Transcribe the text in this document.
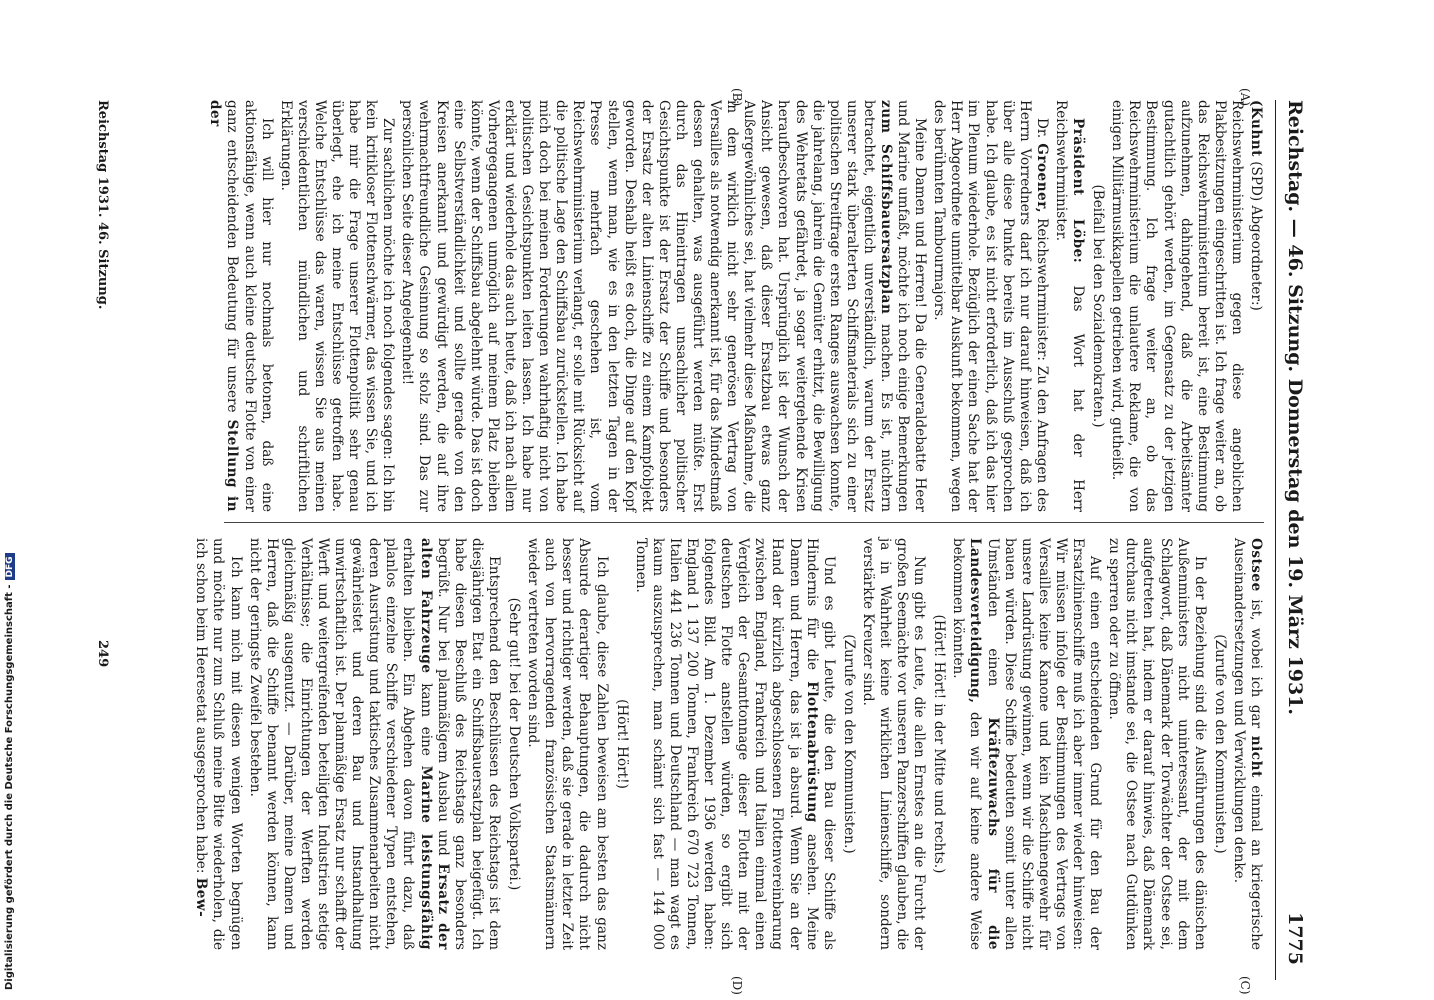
Reichstag. — 46. Sitzung. Donnerstag den 19. März 1931.
1775
(A)
(B)
(C)
(D)

(Kuhnt (SPD) Abgeordneter:)

Reichswehrministerium gegen diese angeblichen Plakbesitzungen eingeschritten ist. Ich frage weiter an, ob das Reichswehrministerium bereit ist, eine Bestimmung aufzunehmen, dahingehend, daß die Arbeitsämter gutachtlich gehört werden, im Gegensatz zu der jetzigen Bestimmung. Ich frage weiter an, ob das Reichswehrministerium die unlautere Reklame, die von einigen Militärmusikkapellen getrieben wird, gutheißt.

(Beifall bei den Sozialdemokraten.)

Präsident Löbe: Das Wort hat der Herr Reichswehrminister.

Dr. Groener, Reichswehrminister: Zu den Anfragen des Herrn Vorredners darf ich nur darauf hinweisen, daß ich über alle diese Punkte bereits im Ausschuß gesprochen habe. Ich glaube, es ist nicht erforderlich, daß ich das hier im Plenum wiederhole. Bezüglich der einen Sache hat der Herr Abgeordnete unmittelbar Auskunft bekommen, wegen des berühmten Tambourmajors.

Meine Damen und Herren! Da die Generaldebatte Heer und Marine umfaßt, möchte ich noch einige Bemerkungen zum Schiffsbauersatzplan machen. Es ist, nüchtern betrachtet, eigentlich unverständlich, warum der Ersatz unserer stark überalterten Schiffsmaterials sich zu einer politischen Streitfrage ersten Ranges auswachsen konnte, die jahrelang, jahrein die Gemüter erhitzt, die Bewilligung des Wehretats gefährdet, ja sogar weitergehende Krisen heraufbeschworen hat. Ursprünglich ist der Wunsch der Ansicht gewesen, daß dieser Ersatzbau etwas ganz Außergewöhnliches sei, hat vielmehr diese Maßnahme, die in dem wirklich nicht sehr generösen Vertrag von Versailles als notwendig anerkannt ist, für das Mindestmaß dessen gehalten, was ausgeführt werden müßte. Erst durch das Hineintragen unsachlicher politischer Gesichtspunkte ist der Ersatz der Schiffe und besonders der Ersatz der alten Linienschiffe zu einem Kampfobjekt geworden. Deshalb heißt es doch, die Dinge auf den Kopf stellen, wenn man, wie es in den letzten Tagen in der Presse mehrfach geschehen ist, vom Reichswehrministerium verlangt, er solle mit Rücksicht auf die politische Lage den Schiffsbau zurückstellen. Ich habe mich doch bei meinen Forderungen wahrhaftig nicht von politischen Gesichtspunkten leiten lassen. Ich habe nur erklärt und wiederhole das auch heute, daß ich nach allem Vorhergegangenen unmöglich auf meinem Platz bleiben könnte, wenn der Schiffsbau abgelehnt würde. Das ist doch eine Selbstverständlichkeit und sollte gerade von den Kreisen anerkannt und gewürdigt werden, die auf ihre wehrmachtfreundliche Gesinnung so stolz sind. Das zur persönlichen Seite dieser Angelegenheit!

Zur sachlichen möchte ich noch folgendes sagen: Ich bin kein kritikloser Flottenschwärmer, das wissen Sie, und ich habe mir die Frage unserer Flottenpolitik sehr genau überlegt, ehe ich meine Entschlüsse getroffen habe. Welche Entschlüsse das waren, wissen Sie aus meinen verschiedentlichen mündlichen und schriftlichen Erklärungen.

Ich will hier nur nochmals betonen, daß eine aktionsfähige, wenn auch kleine deutsche Flotte von einer ganz entscheidenden Bedeutung für unsere Stellung in der

Ostsee ist, wobei ich gar nicht einmal an kriegerische Auseinandersetzungen und Verwicklungen denke.

(Zurufe von den Kommunisten.)

In der Beziehung sind die Ausführungen des dänischen Außenministers nicht uninteressant, der mit dem Schlagwort, daß Dänemark der Torwächter der Ostsee sei, aufgetreten hat, indem er darauf hinwies, daß Dänemark durchaus nicht imstande sei, die Ostsee nach Gutdünken zu sperren oder zu öffnen.

Auf einen entscheidenden Grund für den Bau der Ersatzlinienschiffe muß ich aber immer wieder hinweisen: Wir müssen infolge der Bestimmungen des Vertrags von Versailles keine Kanone und kein Maschinengewehr für unsere Landrüstung gewinnen, wenn wir die Schiffe nicht bauen würden. Diese Schiffe bedeuten somit unter allen Umständen einen Kräftezuwachs für die Landesverteidigung, den wir auf keine andere Weise bekommen könnten.

(Hört! Hört! in der Mitte und rechts.)

Nun gibt es Leute, die allen Ernstes an die Furcht der großen Seemächte vor unseren Panzerschiffen glauben, die ja in Wahrheit keine wirklichen Linienschiffe, sondern verstärkte Kreuzer sind.

(Zurufe von den Kommunisten.)

Und es gibt Leute, die den Bau dieser Schiffe als Hindernis für die Flottenabrüstung ansehen. Meine Damen und Herren, das ist ja absurd. Wenn Sie an der Hand der kürzlich abgeschlossenen Flottenvereinbarung zwischen England, Frankreich und Italien einmal einen Vergleich der Gesamttonnage dieser Flotten mit der deutschen Flotte anstellen würden, so ergibt sich folgendes Bild. Am 1. Dezember 1936 werden haben: England 1 137 200 Tonnen, Frankreich 670 723 Tonnen, Italien 441 236 Tonnen und Deutschland — man wagt es kaum auszusprechen, man schämt sich fast — 144 000 Tonnen.

(Hört! Hört!)

Ich glaube, diese Zahlen beweisen am besten das ganz Absurde derartiger Behauptungen, die dadurch nicht besser und richtiger werden, daß sie gerade in letzter Zeit auch von hervorragenden französischen Staatsmännern wieder vertreten worden sind.

(Sehr gut! bei der Deutschen Volkspartei.)

Entsprechend den Beschlüssen des Reichstags ist dem diesjährigen Etat ein Schiffsbauersatzplan beigefügt. Ich habe diesen Beschluß des Reichstags ganz besonders begrüßt. Nur bei planmäßigem Ausbau und Ersatz der alten Fahrzeuge kann eine Marine leistungsfähig erhalten bleiben. Ein Abgehen davon führt dazu, daß planlos einzelne Schiffe verschiedener Typen entstehen, deren Ausrüstung und taktisches Zusammenarbeiten nicht gewährleistet und deren Bau und Instandhaltung unwirtschaftlich ist. Der planmäßige Ersatz nur schafft der Werft und weitergreifenden beteiligten Industrien stetige Verhältnisse; die Einrichtungen der Werften werden gleichmäßig ausgenutzt. — Darüber, meine Damen und Herren, daß die Schiffe benannt werden können, kann nicht der geringste Zweifel bestehen.

Ich kann mich mit diesen wenigen Worten begnügen und möchte nur zum Schluß meine Bitte wiederholen, die ich schon beim Heeresetat ausgesprochen habe: Bew-

Reichstag 1931. 46. Sitzung.
249
Digitalisierung gefördert durch die Deutsche Forschungsgemeinschaft -DFG
